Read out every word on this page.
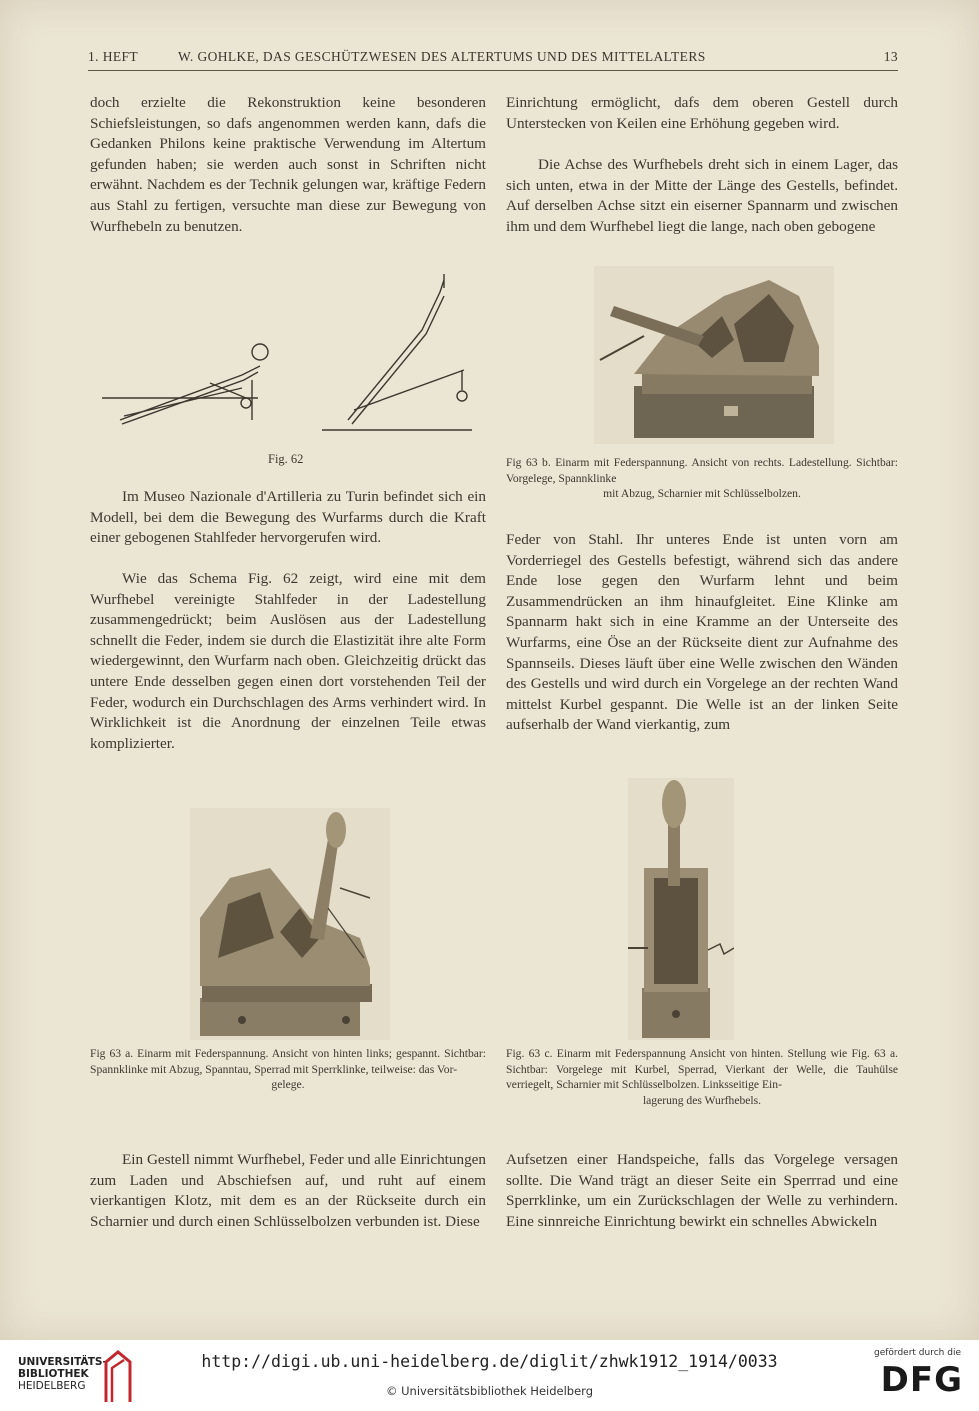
1. HEFT	W. GOHLKE, DAS GESCHÜTZWESEN DES ALTERTUMS UND DES MITTELALTERS	13

doch erzielte die Rekonstruktion keine besonderen Schiefsleistungen, so dafs angenommen werden kann, dafs die Gedanken Philons keine praktische Verwendung im Altertum gefunden haben; sie werden auch sonst in Schriften nicht erwähnt. Nachdem es der Technik gelungen war, kräftige Federn aus Stahl zu fertigen, versuchte man diese zur Bewegung von Wurfhebeln zu benutzen.

Einrichtung ermöglicht, dafs dem oberen Gestell durch Unterstecken von Keilen eine Erhöhung gegeben wird.

Die Achse des Wurfhebels dreht sich in einem Lager, das sich unten, etwa in der Mitte der Länge des Gestells, befindet. Auf derselben Achse sitzt ein eiserner Spannarm und zwischen ihm und dem Wurfhebel liegt die lange, nach oben gebogene

Fig. 62	Fig 63 b. Einarm mit Federspannung. Ansicht von rechts. Ladestellung. Sichtbar: Vorgelege, Spannklinke
mit Abzug, Scharnier mit Schlüsselbolzen.

Im Museo Nazionale d'Artilleria zu Turin befindet sich ein Modell, bei dem die Bewegung des Wurfarms durch die Kraft einer gebogenen Stahlfeder hervorgerufen wird.

Wie das Schema Fig. 62 zeigt, wird eine mit dem Wurfhebel vereinigte Stahlfeder in der Ladestellung zusammengedrückt; beim Auslösen aus der Ladestellung schnellt die Feder, indem sie durch die Elastizität ihre alte Form wiedergewinnt, den Wurfarm nach oben. Gleichzeitig drückt das untere Ende desselben gegen einen dort vorstehenden Teil der Feder, wodurch ein Durchschlagen des Arms verhindert wird. In Wirklichkeit ist die Anordnung der einzelnen Teile etwas komplizierter.

Feder von Stahl. Ihr unteres Ende ist unten vorn am Vorderriegel des Gestells befestigt, während sich das andere Ende lose gegen den Wurfarm lehnt und beim Zusammendrücken an ihm hinaufgleitet. Eine Klinke am Spannarm hakt sich in eine Kramme an der Unterseite des Wurfarms, eine Öse an der Rückseite dient zur Aufnahme des Spannseils. Dieses läuft über eine Welle zwischen den Wänden des Gestells und wird durch ein Vorgelege an der rechten Wand mittelst Kurbel gespannt. Die Welle ist an der linken Seite aufserhalb der Wand vierkantig, zum

Fig 63 a. Einarm mit Federspannung. Ansicht von hinten links; gespannt. Sichtbar: Spannklinke mit Abzug, Spanntau, Sperrad mit Sperrklinke, teilweise: das Vor-
gelege.
Fig. 63 c. Einarm mit Federspannung Ansicht von hinten. Stellung wie Fig. 63 a. Sichtbar: Vorgelege mit Kurbel, Sperrad, Vierkant der Welle, die Tauhülse verriegelt, Scharnier mit Schlüsselbolzen. Linksseitige Ein-
lagerung des Wurfhebels.

Ein Gestell nimmt Wurfhebel, Feder und alle Einrichtungen zum Laden und Abschiefsen auf, und ruht auf einem vierkantigen Klotz, mit dem es an der Rückseite durch ein Scharnier und durch einen Schlüsselbolzen verbunden ist. Diese

Aufsetzen einer Handspeiche, falls das Vorgelege versagen sollte. Die Wand trägt an dieser Seite ein Sperrrad und eine Sperrklinke, um ein Zurückschlagen der Welle zu verhindern. Eine sinnreiche Einrichtung bewirkt ein schnelles Abwickeln

UNIVERSITÄTS-
BIBLIOTHEK
HEIDELBERG
http://digi.ub.uni-heidelberg.de/diglit/zhwk1912_1914/0033
© Universitätsbibliothek Heidelberg
gefördert durch die
DFG
